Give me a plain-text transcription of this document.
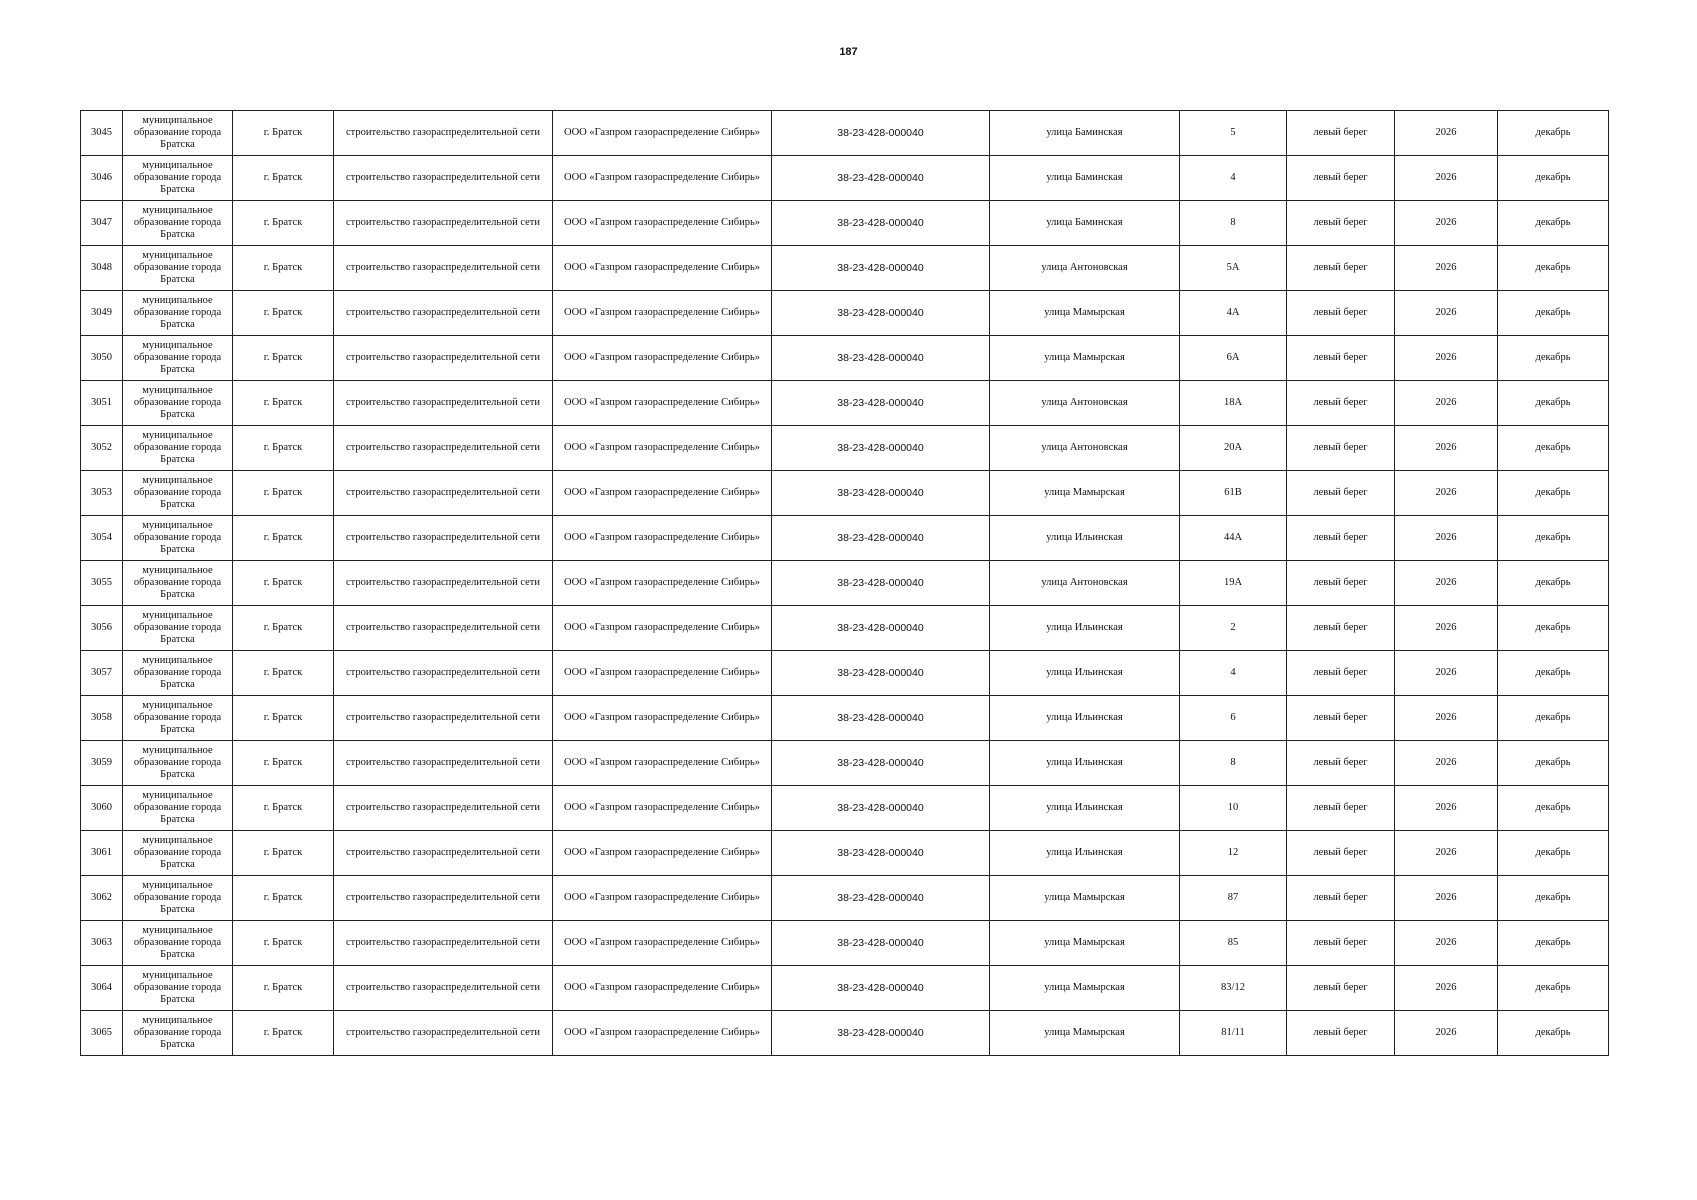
187
3045	муниципальное образование города Братска	г. Братск	строительство газораспределительной сети	ООО «Газпром газораспределение Сибирь»	38-23-428-000040	улица Баминская	5	левый берег	2026	декабрь
3046	муниципальное образование города Братска	г. Братск	строительство газораспределительной сети	ООО «Газпром газораспределение Сибирь»	38-23-428-000040	улица Баминская	4	левый берег	2026	декабрь
3047	муниципальное образование города Братска	г. Братск	строительство газораспределительной сети	ООО «Газпром газораспределение Сибирь»	38-23-428-000040	улица Баминская	8	левый берег	2026	декабрь
3048	муниципальное образование города Братска	г. Братск	строительство газораспределительной сети	ООО «Газпром газораспределение Сибирь»	38-23-428-000040	улица Антоновская	5А	левый берег	2026	декабрь
3049	муниципальное образование города Братска	г. Братск	строительство газораспределительной сети	ООО «Газпром газораспределение Сибирь»	38-23-428-000040	улица Мамырская	4А	левый берег	2026	декабрь
3050	муниципальное образование города Братска	г. Братск	строительство газораспределительной сети	ООО «Газпром газораспределение Сибирь»	38-23-428-000040	улица Мамырская	6А	левый берег	2026	декабрь
3051	муниципальное образование города Братска	г. Братск	строительство газораспределительной сети	ООО «Газпром газораспределение Сибирь»	38-23-428-000040	улица Антоновская	18А	левый берег	2026	декабрь
3052	муниципальное образование города Братска	г. Братск	строительство газораспределительной сети	ООО «Газпром газораспределение Сибирь»	38-23-428-000040	улица Антоновская	20А	левый берег	2026	декабрь
3053	муниципальное образование города Братска	г. Братск	строительство газораспределительной сети	ООО «Газпром газораспределение Сибирь»	38-23-428-000040	улица Мамырская	61В	левый берег	2026	декабрь
3054	муниципальное образование города Братска	г. Братск	строительство газораспределительной сети	ООО «Газпром газораспределение Сибирь»	38-23-428-000040	улица Ильинская	44А	левый берег	2026	декабрь
3055	муниципальное образование города Братска	г. Братск	строительство газораспределительной сети	ООО «Газпром газораспределение Сибирь»	38-23-428-000040	улица Антоновская	19А	левый берег	2026	декабрь
3056	муниципальное образование города Братска	г. Братск	строительство газораспределительной сети	ООО «Газпром газораспределение Сибирь»	38-23-428-000040	улица Ильинская	2	левый берег	2026	декабрь
3057	муниципальное образование города Братска	г. Братск	строительство газораспределительной сети	ООО «Газпром газораспределение Сибирь»	38-23-428-000040	улица Ильинская	4	левый берег	2026	декабрь
3058	муниципальное образование города Братска	г. Братск	строительство газораспределительной сети	ООО «Газпром газораспределение Сибирь»	38-23-428-000040	улица Ильинская	6	левый берег	2026	декабрь
3059	муниципальное образование города Братска	г. Братск	строительство газораспределительной сети	ООО «Газпром газораспределение Сибирь»	38-23-428-000040	улица Ильинская	8	левый берег	2026	декабрь
3060	муниципальное образование города Братска	г. Братск	строительство газораспределительной сети	ООО «Газпром газораспределение Сибирь»	38-23-428-000040	улица Ильинская	10	левый берег	2026	декабрь
3061	муниципальное образование города Братска	г. Братск	строительство газораспределительной сети	ООО «Газпром газораспределение Сибирь»	38-23-428-000040	улица Ильинская	12	левый берег	2026	декабрь
3062	муниципальное образование города Братска	г. Братск	строительство газораспределительной сети	ООО «Газпром газораспределение Сибирь»	38-23-428-000040	улица Мамырская	87	левый берег	2026	декабрь
3063	муниципальное образование города Братска	г. Братск	строительство газораспределительной сети	ООО «Газпром газораспределение Сибирь»	38-23-428-000040	улица Мамырская	85	левый берег	2026	декабрь
3064	муниципальное образование города Братска	г. Братск	строительство газораспределительной сети	ООО «Газпром газораспределение Сибирь»	38-23-428-000040	улица Мамырская	83/12	левый берег	2026	декабрь
3065	муниципальное образование города Братска	г. Братск	строительство газораспределительной сети	ООО «Газпром газораспределение Сибирь»	38-23-428-000040	улица Мамырская	81/11	левый берег	2026	декабрь
